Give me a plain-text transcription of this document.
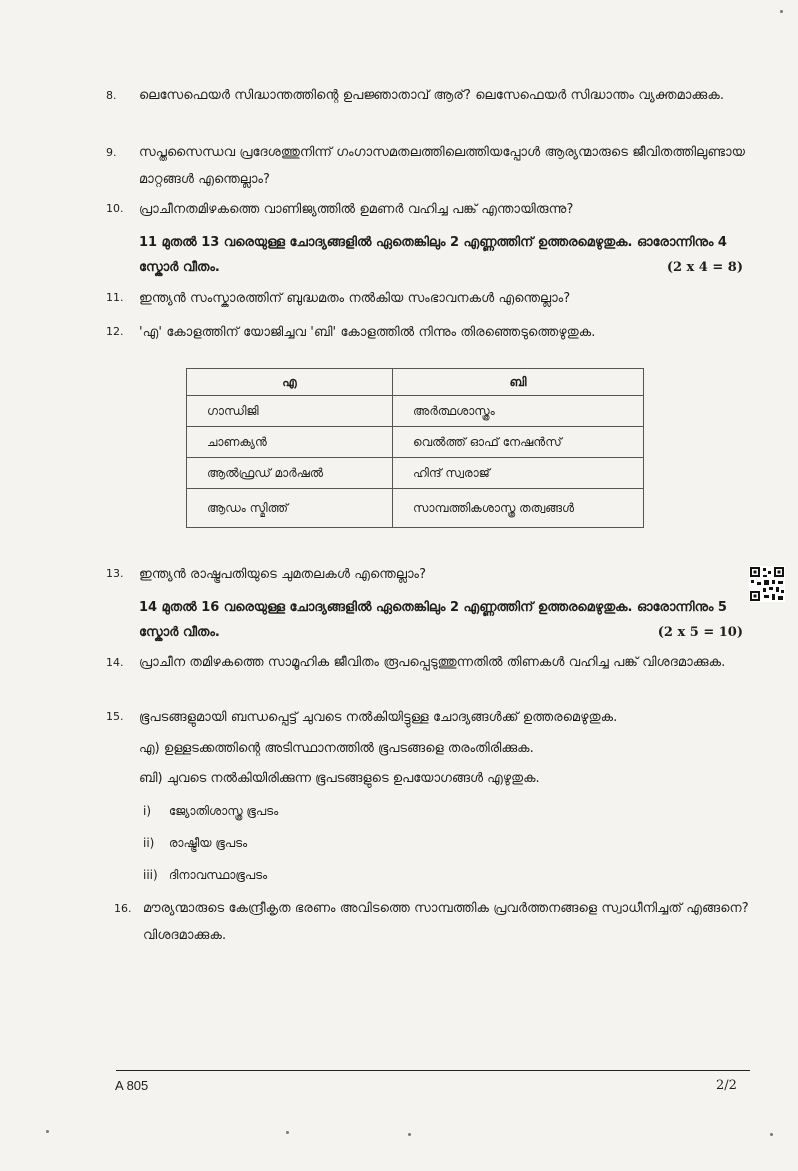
8.	ലെസേഫെയർ സിദ്ധാന്തത്തിന്റെ ഉപജ്ഞാതാവ് ആര്? ലെസേഫെയർ സിദ്ധാന്തം വ്യക്തമാക്കുക.
9.	സപ്തസൈന്ധവ പ്രദേശത്തുനിന്ന് ഗംഗാസമതലത്തിലെത്തിയപ്പോൾ ആര്യന്മാരുടെ ജീവിതത്തിലുണ്ടായ മാറ്റങ്ങൾ എന്തെല്ലാം?
10.	പ്രാചീനതമിഴകത്തെ വാണിജ്യത്തിൽ ഉമണർ വഹിച്ച പങ്ക് എന്തായിരുന്നു?
11 മുതൽ 13 വരെയുള്ള ചോദ്യങ്ങളിൽ ഏതെങ്കിലും 2 എണ്ണത്തിന് ഉത്തരമെഴുതുക. ഓരോന്നിനും 4 സ്കോർ വീതം.	(2 x 4 = 8)
11.	ഇന്ത്യൻ സംസ്കാരത്തിന് ബുദ്ധമതം നൽകിയ സംഭാവനകൾ എന്തെല്ലാം?
12.	'എ' കോളത്തിന് യോജിച്ചവ 'ബി' കോളത്തിൽ നിന്നും തിരഞ്ഞെടുത്തെഴുതുക.
എ	ബി
ഗാന്ധിജി	അർത്ഥശാസ്ത്രം
ചാണക്യൻ	വെൽത്ത് ഓഫ് നേഷൻസ്
ആൽഫ്രഡ് മാർഷൽ	ഹിന്ദ് സ്വരാജ്
ആഡം സ്മിത്ത്	സാമ്പത്തികശാസ്ത്ര തത്വങ്ങൾ
13.	ഇന്ത്യൻ രാഷ്ട്രപതിയുടെ ചുമതലകൾ എന്തെല്ലാം?
14 മുതൽ 16 വരെയുള്ള ചോദ്യങ്ങളിൽ ഏതെങ്കിലും 2 എണ്ണത്തിന് ഉത്തരമെഴുതുക. ഓരോന്നിനും 5 സ്കോർ വീതം.	(2 x 5 = 10)
14.	പ്രാചീന തമിഴകത്തെ സാമൂഹിക ജീവിതം രൂപപ്പെടുത്തുന്നതിൽ തിണകൾ വഹിച്ച പങ്ക് വിശദമാക്കുക.
15.	ഭൂപടങ്ങളുമായി ബന്ധപ്പെട്ട് ചുവടെ നൽകിയിട്ടുള്ള ചോദ്യങ്ങൾക്ക് ഉത്തരമെഴുതുക.
എ) ഉള്ളടക്കത്തിന്റെ അടിസ്ഥാനത്തിൽ ഭൂപടങ്ങളെ തരംതിരിക്കുക.
ബി) ചുവടെ നൽകിയിരിക്കുന്ന ഭൂപടങ്ങളുടെ ഉപയോഗങ്ങൾ എഴുതുക.
i) ജ്യോതിശാസ്ത്ര ഭൂപടം
ii) രാഷ്ട്രീയ ഭൂപടം
iii) ദിനാവസ്ഥാഭൂപടം
16. മൗര്യന്മാരുടെ കേന്ദ്രീകൃത ഭരണം അവിടത്തെ സാമ്പത്തിക പ്രവർത്തനങ്ങളെ സ്വാധീനിച്ചത് എങ്ങനെ? വിശദമാക്കുക.
A 805	2/2
